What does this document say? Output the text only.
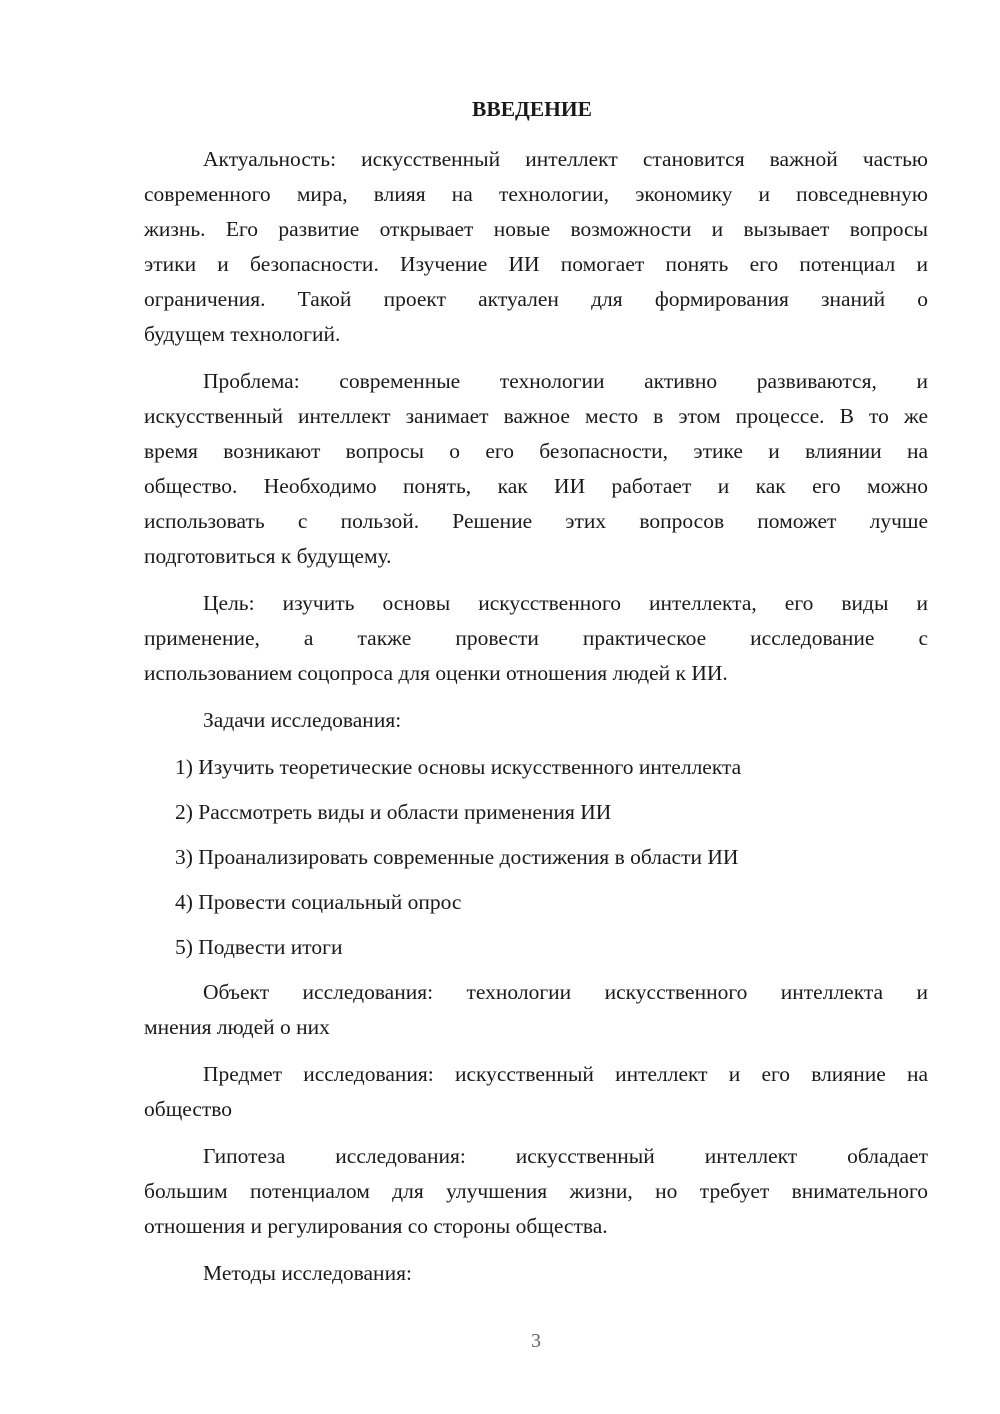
ВВЕДЕНИЕ
Актуальность: искусственный интеллект становится важной частью
современного мира, влияя на технологии, экономику и повседневную
жизнь. Его развитие открывает новые возможности и вызывает вопросы
этики и безопасности. Изучение ИИ помогает понять его потенциал и
ограничения. Такой проект актуален для формирования знаний о
будущем технологий.
Проблема: современные технологии активно развиваются, и
искусственный интеллект занимает важное место в этом процессе. В то же
время возникают вопросы о его безопасности, этике и влиянии на
общество. Необходимо понять, как ИИ работает и как его можно
использовать с пользой. Решение этих вопросов поможет лучше
подготовиться к будущему.
Цель: изучить основы искусственного интеллекта, его виды и
применение, а также провести практическое исследование с
использованием соцопроса для оценки отношения людей к ИИ.
Задачи исследования:
1) Изучить теоретические основы искусственного интеллекта
2) Рассмотреть виды и области применения ИИ
3) Проанализировать современные достижения в области ИИ
4) Провести социальный опрос
5) Подвести итоги
Объект исследования: технологии искусственного интеллекта и
мнения людей о них
Предмет исследования: искусственный интеллект и его влияние на
общество
Гипотеза исследования: искусственный интеллект обладает
большим потенциалом для улучшения жизни, но требует внимательного
отношения и регулирования со стороны общества.
Методы исследования:
3
